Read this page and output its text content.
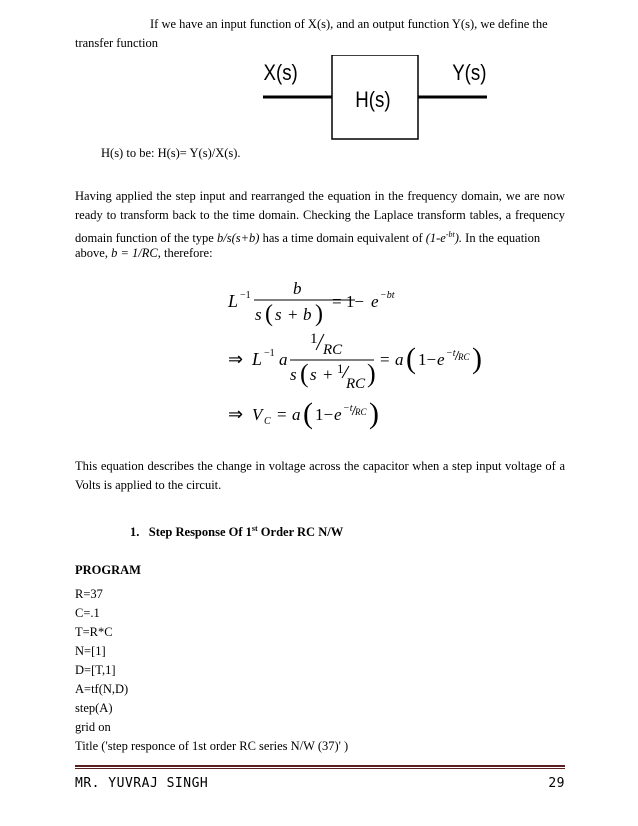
If we have an input function of X(s), and an output function Y(s), we define the
transfer function
X(s)
H(s)
Y(s)
H(s) to be: H(s)= Y(s)/X(s).
Having applied the step input and rearranged the equation in the frequency domain, we are now
ready to transform back to the time domain. Checking the Laplace transform tables, a frequency
domain function of the type b/s(s+b) has a time domain equivalent of $(1-e^{-bt})$. In the equation
above, b = 1/RC, therefore:
L −1 b
s ( s + b ) = 1− e −bt
⇒ L −1 a
1
RC
s ( s + 1
RC ) = a ( 1− e −t RC )
⇒ V C = a ( 1− e −t RC )
This equation describes the change in voltage across the capacitor when a step input voltage of a
Volts is applied to the circuit.
1. Step Response Of 1st Order RC N/W
PROGRAM
R=37
C=.1
T=R*C
N=[1]
D=[T,1]
A=tf(N,D)
step(A)
grid on
Title ('step responce of 1st order RC series N/W (37)' )
MR. YUVRAJ SINGH	29
